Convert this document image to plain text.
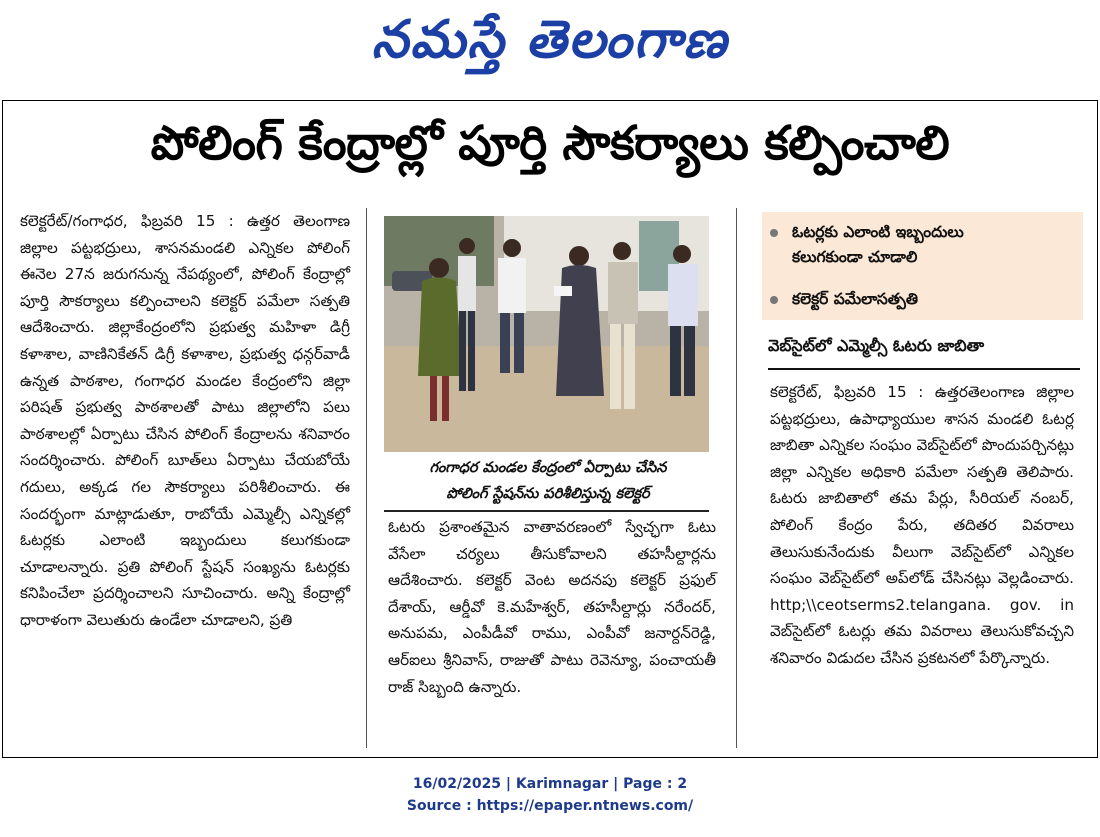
నమస్తే తెలంగాణ
పోలింగ్ కేంద్రాల్లో పూర్తి సౌకర్యాలు కల్పించాలి
కలెక్టరేట్/గంగాధర, ఫిబ్రవరి 15 : ఉత్తర తెలంగాణ జిల్లాల పట్టభద్రులు, శాసనమండలి ఎన్నికల పోలింగ్ ఈనెల 27న జరుగనున్న నేపథ్యంలో, పోలింగ్ కేంద్రాల్లో పూర్తి సౌకర్యాలు కల్పించాలని కలెక్టర్ పమేలా సత్పతి ఆదేశించారు. జిల్లాకేంద్రంలోని ప్రభుత్వ మహిళా డిగ్రీ కళాశాల, వాణినికేతన్ డిగ్రీ కళాశాల, ప్రభుత్వ ధన్గర్‌వాడీ ఉన్నత పాఠశాల, గంగాధర మండల కేంద్రంలోని జిల్లా పరిషత్ ప్రభుత్వ పాఠశాలతో పాటు జిల్లాలోని పలు పాఠశాలల్లో ఏర్పాటు చేసిన పోలింగ్ కేంద్రాలను శనివారం సందర్శించారు. పోలింగ్ బూత్‌లు ఏర్పాటు చేయబోయే గదులు, అక్కడ గల సౌకర్యాలు పరిశీలించారు. ఈ సందర్భంగా మాట్లాడుతూ, రాబోయే ఎమ్మెల్సీ ఎన్నికల్లో ఓటర్లకు ఎలాంటి ఇబ్బందులు కలుగకుండా చూడాలన్నారు. ప్రతి పోలింగ్ స్టేషన్ సంఖ్యను ఓటర్లకు కనిపించేలా ప్రదర్శించాలని సూచించారు. అన్ని కేంద్రాల్లో ధారాళంగా వెలుతురు ఉండేలా చూడాలని, ప్రతి
గంగాధర మండల కేంద్రంలో ఏర్పాటు చేసిన
పోలింగ్ స్టేషన్‌ను పరిశీలిస్తున్న కలెక్టర్
ఓటరు ప్రశాంతమైన వాతావరణంలో స్వేచ్ఛగా ఓటు వేసేలా చర్యలు తీసుకోవాలని తహసీల్దార్లను ఆదేశించారు. కలెక్టర్ వెంట అదనపు కలెక్టర్ ప్రఫుల్ దేశాయ్, ఆర్డీవో కె.మహేశ్వర్, తహసీల్దార్లు నరేందర్, అనుపమ, ఎంపీడీవో రాము, ఎంపీవో జనార్దన్‌రెడ్డి, ఆర్‌ఐలు శ్రీనివాస్, రాజుతో పాటు రెవెన్యూ, పంచాయతీ రాజ్ సిబ్బంది ఉన్నారు.
ఓటర్లకు ఎలాంటి ఇబ్బందులు
కలుగకుండా చూడాలి
కలెక్టర్ పమేలాసత్పతి
వెబ్‌సైట్‌లో ఎమ్మెల్సీ ఓటరు జాబితా
కలెక్టరేట్, ఫిబ్రవరి 15 : ఉత్తరతెలంగాణ జిల్లాల పట్టభద్రులు, ఉపాధ్యాయుల శాసన మండలి ఓటర్ల జాబితా ఎన్నికల సంఘం వెబ్‌సైట్‌లో పొందుపర్చినట్లు జిల్లా ఎన్నికల అధికారి పమేలా సత్పతి తెలిపారు. ఓటరు జాబితాలో తమ పేర్లు, సీరియల్ నంబర్, పోలింగ్ కేంద్రం పేరు, తదితర వివరాలు తెలుసుకునేందుకు వీలుగా వెబ్‌సైట్‌లో ఎన్నికల సంఘం వెబ్‌సైట్‌లో అప్‌లోడ్ చేసినట్లు వెల్లడించారు. http;\\ceotserms2.telangana. gov. in వెబ్‌సైట్‌లో ఓటర్లు తమ వివరాలు తెలుసుకోవచ్చని శనివారం విడుదల చేసిన ప్రకటనలో పేర్కొన్నారు.
16/02/2025 | Karimnagar | Page : 2
Source : https://epaper.ntnews.com/
